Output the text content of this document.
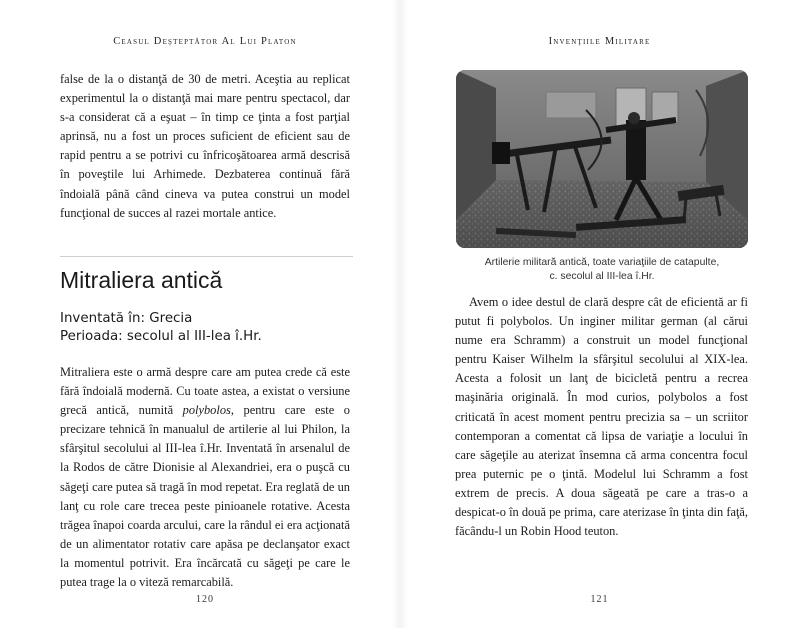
Ceasul Deşteptător Al Lui Platon

false de la o distanţă de 30 de metri. Aceştia au replicat experimentul la o distanţă mai mare pentru spectacol, dar s-a considerat că a eşuat – în timp ce ţinta a fost parţial aprinsă, nu a fost un proces suficient de eficient sau de rapid pentru a se potrivi cu înfricoşătoarea armă descrisă în poveştile lui Arhimede. Dezbaterea continuă fără îndoială până când cineva va putea construi un model funcţional de succes al razei mortale antice.

Mitraliera antică

Inventată în: Grecia

Perioada: secolul al III-lea î.Hr.

Mitraliera este o armă despre care am putea crede că este fără îndoială modernă. Cu toate astea, a existat o versiune grecă antică, numită polybolos, pentru care este o precizare tehnică în manualul de artilerie al lui Philon, la sfârşitul secolului al III-lea î.Hr. Inventată în arsenalul de la Rodos de către Dionisie al Alexandriei, era o puşcă cu săgeţi care putea să tragă în mod repetat. Era reglată de un lanţ cu role care trecea peste pinioanele rotative. Acesta trăgea înapoi coarda arcului, care la rândul ei era acţionată de un alimentator rotativ care apăsa pe declanşator exact la momentul potrivit. Era încărcată cu săgeţi pe care le putea trage la o viteză remarcabilă.

120
Invenţiile Militare

Artilerie militară antică, toate variaţiile de catapulte,
c. secolul al III-lea î.Hr.

Avem o idee destul de clară despre cât de eficientă ar fi putut fi polybolos. Un inginer militar german (al cărui nume era Schramm) a construit un model funcţional pentru Kaiser Wilhelm la sfârşitul secolului al XIX-lea. Acesta a folosit un lanţ de bicicletă pentru a recrea maşinăria originală. În mod curios, polybolos a fost criticată în acest moment pentru precizia sa – un scriitor contemporan a comentat că lipsa de variaţie a locului în care săgeţile au aterizat însemna că arma concentra focul prea puternic pe o ţintă. Modelul lui Schramm a fost extrem de precis. A doua săgeată pe care a tras-o a despicat-o în două pe prima, care aterizase în ţinta din faţă, făcându-l un Robin Hood teuton.

121
